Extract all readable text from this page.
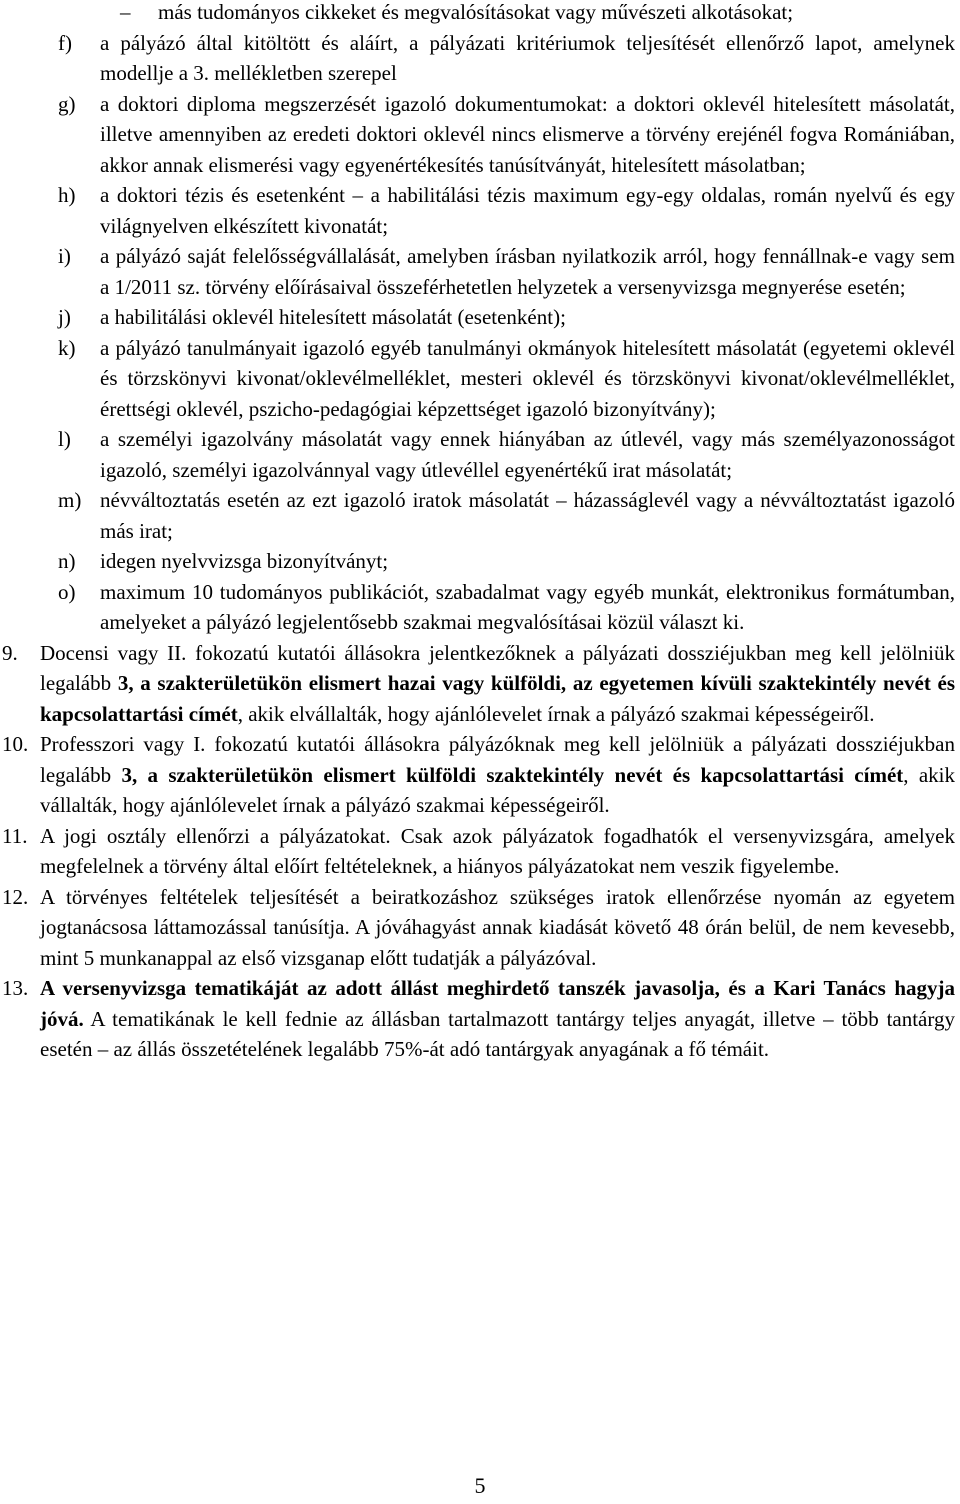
– más tudományos cikkeket és megvalósításokat vagy művészeti alkotásokat;

f) a pályázó által kitöltött és aláírt, a pályázati kritériumok teljesítését ellenőrző lapot, amelynek modellje a 3. mellékletben szerepel

g) a doktori diploma megszerzését igazoló dokumentumokat: a doktori oklevél hitelesített másolatát, illetve amennyiben az eredeti doktori oklevél nincs elismerve a törvény erejénél fogva Romániában, akkor annak elismerési vagy egyenértékesítés tanúsítványát, hitelesített másolatban;

h) a doktori tézis és esetenként – a habilitálási tézis maximum egy-egy oldalas, román nyelvű és egy világnyelven elkészített kivonatát;

i) a pályázó saját felelősségvállalását, amelyben írásban nyilatkozik arról, hogy fennállnak-e vagy sem a 1/2011 sz. törvény előírásaival összeférhetetlen helyzetek a versenyvizsga megnyerése esetén;

j) a habilitálási oklevél hitelesített másolatát (esetenként);

k) a pályázó tanulmányait igazoló egyéb tanulmányi okmányok hitelesített másolatát (egyetemi oklevél és törzskönyvi kivonat/oklevélmelléklet, mesteri oklevél és törzskönyvi kivonat/oklevélmelléklet, érettségi oklevél, pszicho-pedagógiai képzettséget igazoló bizonyítvány);

l) a személyi igazolvány másolatát vagy ennek hiányában az útlevél, vagy más személyazonosságot igazoló, személyi igazolvánnyal vagy útlevéllel egyenértékű irat másolatát;

m) névváltoztatás esetén az ezt igazoló iratok másolatát – házasságlevél vagy a névváltoztatást igazoló más irat;

n) idegen nyelvvizsga bizonyítványt;

o) maximum 10 tudományos publikációt, szabadalmat vagy egyéb munkát, elektronikus formátumban, amelyeket a pályázó legjelentősebb szakmai megvalósításai közül választ ki.

9. Docensi vagy II. fokozatú kutatói állásokra jelentkezőknek a pályázati dossziéjukban meg kell jelölniük legalább 3, a szakterületükön elismert hazai vagy külföldi, az egyetemen kívüli szaktekintély nevét és kapcsolattartási címét, akik elvállalták, hogy ajánlólevelet írnak a pályázó szakmai képességeiről.

10. Professzori vagy I. fokozatú kutatói állásokra pályázóknak meg kell jelölniük a pályázati dossziéjukban legalább 3, a szakterületükön elismert külföldi szaktekintély nevét és kapcsolattartási címét, akik vállalták, hogy ajánlólevelet írnak a pályázó szakmai képességeiről.

11. A jogi osztály ellenőrzi a pályázatokat. Csak azok pályázatok fogadhatók el versenyvizsgára, amelyek megfelelnek a törvény által előírt feltételeknek, a hiányos pályázatokat nem veszik figyelembe.

12. A törvényes feltételek teljesítését a beiratkozáshoz szükséges iratok ellenőrzése nyomán az egyetem jogtanácsosa láttamozással tanúsítja. A jóváhagyást annak kiadását követő 48 órán belül, de nem kevesebb, mint 5 munkanappal az első vizsganap előtt tudatják a pályázóval.

13. A versenyvizsga tematikáját az adott állást meghirdető tanszék javasolja, és a Kari Tanács hagyja jóvá. A tematikának le kell fednie az állásban tartalmazott tantárgy teljes anyagát, illetve – több tantárgy esetén – az állás összetételének legalább 75%-át adó tantárgyak anyagának a fő témáit.

5
